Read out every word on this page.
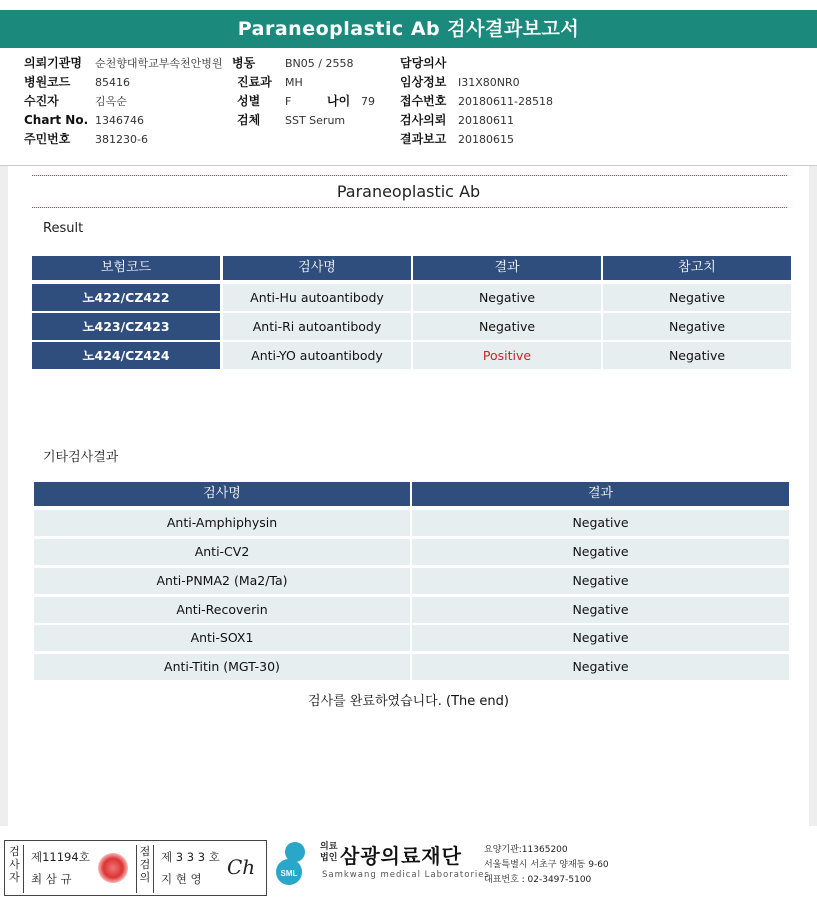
Paraneoplastic Ab 검사결과보고서
의뢰기관명 순천향대학교부속천안병원 병동	BN05 / 2558	담당의사
병원코드 85416	진료과 MH	임상정보 I31X80NR0
수진자	김옥순	성별 F	나이 79 접수번호 20180611-28518
Chart No. 1346746	검체 SST Serum	검사의뢰 20180611
주민번호 381230-6	결과보고 20180615
Paraneoplastic Ab
Result
보험코드	검사명	결과	참고치
노422/CZ422	Anti-Hu autoantibody	Negative	Negative
노423/CZ423	Anti-Ri autoantibody	Negative	Negative
노424/CZ424	Anti-YO autoantibody	Positive	Negative
기타검사결과
검사명	결과
Anti-Amphiphysin	Negative
Anti-CV2	Negative
Anti-PNMA2 (Ma2/Ta)	Negative
Anti-Recoverin	Negative
Anti-SOX1	Negative
Anti-Titin (MGT-30)	Negative
검사를 완료하였습니다. (The end)
검사자
제11194호
최 삼 규
점검의
제 3 3 3 호
지 현 영 Ch	SML
의료
법인 삼광의료재단
Samkwang medical Laboratories
요양기관:11365200
서울특별시 서초구 양재동 9-60
대표번호 : 02-3497-5100
